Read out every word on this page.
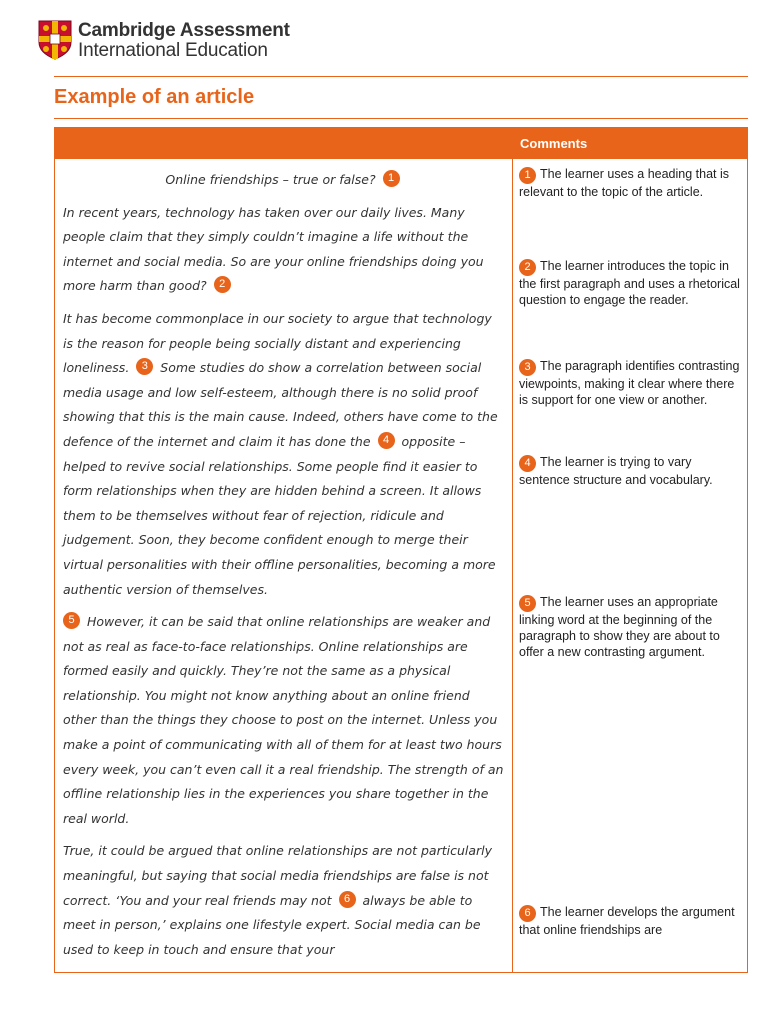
Cambridge Assessment
International Education
Example of an article
Comments
Online friendships – true or false? 1

In recent years, technology has taken over our daily lives. Many people claim that they simply couldn’t imagine a life without the internet and social media. So are your online friendships doing you more harm than good? 2

It has become commonplace in our society to argue that technology is the reason for people being socially distant and experiencing loneliness. 3 Some studies do show a correlation between social media usage and low self-esteem, although there is no solid proof showing that this is the main cause. Indeed, others have come to the defence of the internet and claim it has done the 4 opposite – helped to revive social relationships. Some people find it easier to form relationships when they are hidden behind a screen. It allows them to be themselves without fear of rejection, ridicule and judgement. Soon, they become confident enough to merge their virtual personalities with their offline personalities, becoming a more authentic version of themselves.

5 However, it can be said that online relationships are weaker and not as real as face-to-face relationships. Online relationships are formed easily and quickly. They’re not the same as a physical relationship. You might not know anything about an online friend other than the things they choose to post on the internet. Unless you make a point of communicating with all of them for at least two hours every week, you can’t even call it a real friendship. The strength of an offline relationship lies in the experiences you share together in the real world.

True, it could be argued that online relationships are not particularly meaningful, but saying that social media friendships are false is not correct. ‘You and your real friends may not 6 always be able to meet in person,’ explains one lifestyle expert. Social media can be used to keep in touch and ensure that your

1 The learner uses a heading that is relevant to the topic of the article.
2 The learner introduces the topic in the first paragraph and uses a rhetorical question to engage the reader.
3 The paragraph identifies contrasting viewpoints, making it clear where there is support for one view or another.
4 The learner is trying to vary sentence structure and vocabulary.
5 The learner uses an appropriate linking word at the beginning of the paragraph to show they are about to offer a new contrasting argument.
6 The learner develops the argument that online friendships are
